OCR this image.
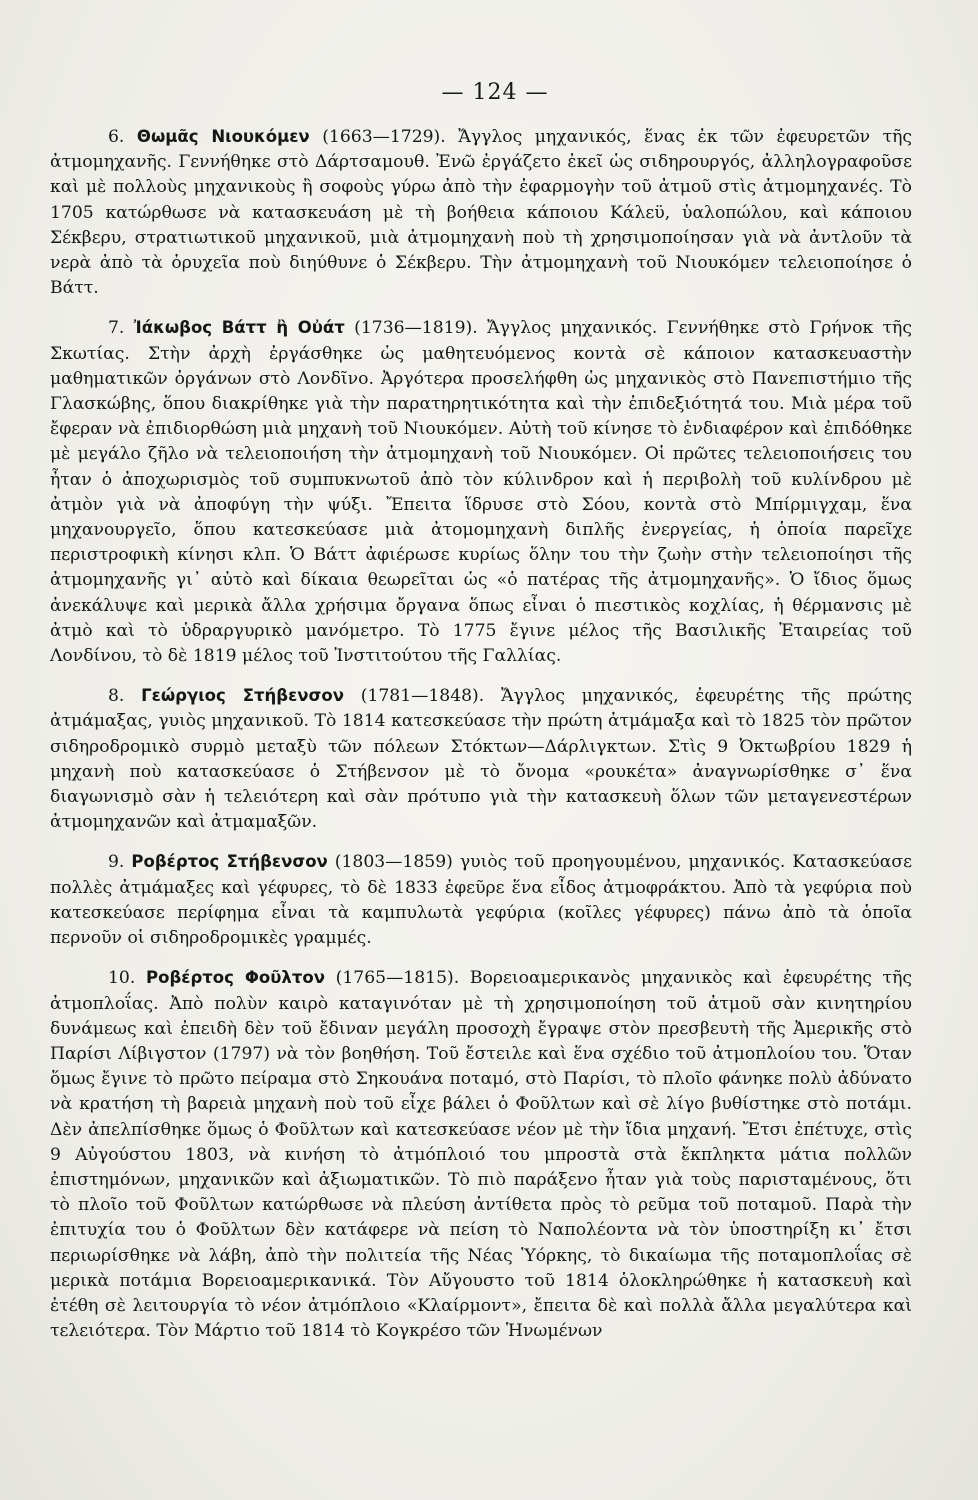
— 124 —

6. Θωμᾶς Νιουκόμεν (1663—1729). Ἄγγλος μηχανικός, ἕνας ἐκ τῶν ἐφευρετῶν τῆς ἀτμομηχανῆς. Γεννήθηκε στὸ Δάρτσαμουθ. Ἐνῶ ἐργάζετο ἐκεῖ ὡς σιδηρουργός, ἀλληλογραφοῦσε καὶ μὲ πολλοὺς μηχανικοὺς ἢ σοφοὺς γύρω ἀπὸ τὴν ἐφαρμογὴν τοῦ ἀτμοῦ στὶς ἀτμομηχανές. Τὸ 1705 κατώρθωσε νὰ κατασκευάση μὲ τὴ βοήθεια κάποιου Κάλεϋ, ὑαλοπώλου, καὶ κάποιου Σέκβερυ, στρατιωτικοῦ μηχανικοῦ, μιὰ ἀτμομηχανὴ ποὺ τὴ χρησιμοποίησαν γιὰ νὰ ἀντλοῦν τὰ νερὰ ἀπὸ τὰ ὀρυχεῖα ποὺ διηύθυνε ὁ Σέκβερυ. Τὴν ἀτμομηχανὴ τοῦ Νιουκόμεν τελειοποίησε ὁ Βάττ.

7. Ἰάκωβος Βάττ ἢ Οὐάτ (1736—1819). Ἄγγλος μηχανικός. Γεννήθηκε στὸ Γρήνοκ τῆς Σκωτίας. Στὴν ἀρχὴ ἐργάσθηκε ὡς μαθητευόμενος κοντὰ σὲ κάποιον κατασκευαστὴν μαθηματικῶν ὀργάνων στὸ Λονδῖνο. Ἀργότερα προσελήφθη ὡς μηχανικὸς στὸ Πανεπιστήμιο τῆς Γλασκώβης, ὅπου διακρίθηκε γιὰ τὴν παρατηρητικότητα καὶ τὴν ἐπιδεξιότητά του. Μιὰ μέρα τοῦ ἔφεραν νὰ ἐπιδιορθώση μιὰ μηχανὴ τοῦ Νιουκόμεν. Αὐτὴ τοῦ κίνησε τὸ ἐνδιαφέρον καὶ ἐπιδόθηκε μὲ μεγάλο ζῆλο νὰ τελειοποιήση τὴν ἀτμομηχανὴ τοῦ Νιουκόμεν. Οἱ πρῶτες τελειοποιήσεις του ἦταν ὁ ἀποχωρισμὸς τοῦ συμπυκνωτοῦ ἀπὸ τὸν κύλινδρον καὶ ἡ περιβολὴ τοῦ κυλίνδρου μὲ ἀτμὸν γιὰ νὰ ἀποφύγη τὴν ψύξι. Ἔπειτα ἵδρυσε στὸ Σόου, κοντὰ στὸ Μπίρμιγχαμ, ἕνα μηχανουργεῖο, ὅπου κατεσκεύασε μιὰ ἀτομομηχανὴ διπλῆς ἐνεργείας, ἡ ὁποία παρεῖχε περιστροφικὴ κίνησι κλπ. Ὁ Βάττ ἀφιέρωσε κυρίως ὅλην του τὴν ζωὴν στὴν τελειοποίησι τῆς ἀτμομηχανῆς γι᾽ αὐτὸ καὶ δίκαια θεωρεῖται ὡς «ὁ πατέρας τῆς ἀτμομηχανῆς». Ὁ ἴδιος ὅμως ἀνεκάλυψε καὶ μερικὰ ἄλλα χρήσιμα ὄργανα ὅπως εἶναι ὁ πιεστικὸς κοχλίας, ἡ θέρμανσις μὲ ἀτμὸ καὶ τὸ ὑδραργυρικὸ μανόμετρο. Τὸ 1775 ἔγινε μέλος τῆς Βασιλικῆς Ἑταιρείας τοῦ Λονδίνου, τὸ δὲ 1819 μέλος τοῦ Ἰνστιτούτου τῆς Γαλλίας.

8. Γεώργιος Στήβενσον (1781—1848). Ἄγγλος μηχανικός, ἐφευρέτης τῆς πρώτης ἀτμάμαξας, γυιὸς μηχανικοῦ. Τὸ 1814 κατεσκεύασε τὴν πρώτη ἀτμάμαξα καὶ τὸ 1825 τὸν πρῶτον σιδηροδρομικὸ συρμὸ μεταξὺ τῶν πόλεων Στόκτων—Δάρλιγκτων. Στὶς 9 Ὀκτωβρίου 1829 ἡ μηχανὴ ποὺ κατασκεύασε ὁ Στήβενσον μὲ τὸ ὄνομα «ρουκέτα» ἀναγνωρίσθηκε σ᾽ ἕνα διαγωνισμὸ σὰν ἡ τελειότερη καὶ σὰν πρότυπο γιὰ τὴν κατασκευὴ ὅλων τῶν μεταγενεστέρων ἀτμομηχανῶν καὶ ἀτμαμαξῶν.

9. Ροβέρτος Στήβενσον (1803—1859) γυιὸς τοῦ προηγουμένου, μηχανικός. Κατασκεύασε πολλὲς ἀτμάμαξες καὶ γέφυρες, τὸ δὲ 1833 ἐφεῦρε ἕνα εἶδος ἀτμοφράκτου. Ἀπὸ τὰ γεφύρια ποὺ κατεσκεύασε περίφημα εἶναι τὰ καμπυλωτὰ γεφύρια (κοῖλες γέφυρες) πάνω ἀπὸ τὰ ὁποῖα περνοῦν οἱ σιδηροδρομικὲς γραμμές.

10. Ροβέρτος Φοῦλτον (1765—1815). Βορειοαμερικανὸς μηχανικὸς καὶ ἐφευρέτης τῆς ἀτμοπλοΐας. Ἀπὸ πολὺν καιρὸ καταγινόταν μὲ τὴ χρησιμοποίηση τοῦ ἀτμοῦ σὰν κινητηρίου δυνάμεως καὶ ἐπειδὴ δὲν τοῦ ἔδιναν μεγάλη προσοχὴ ἔγραψε στὸν πρεσβευτὴ τῆς Ἀμερικῆς στὸ Παρίσι Λίβιγστον (1797) νὰ τὸν βοηθήση. Τοῦ ἔστειλε καὶ ἕνα σχέδιο τοῦ ἀτμοπλοίου του. Ὅταν ὅμως ἔγινε τὸ πρῶτο πείραμα στὸ Σηκουάνα ποταμό, στὸ Παρίσι, τὸ πλοῖο φάνηκε πολὺ ἀδύνατο νὰ κρατήση τὴ βαρειὰ μηχανὴ ποὺ τοῦ εἶχε βάλει ὁ Φοῦλτων καὶ σὲ λίγο βυθίστηκε στὸ ποτάμι. Δὲν ἀπελπίσθηκε ὅμως ὁ Φοῦλτων καὶ κατεσκεύασε νέον μὲ τὴν ἴδια μηχανή. Ἔτσι ἐπέτυχε, στὶς 9 Αὐγούστου 1803, νὰ κινήση τὸ ἀτμόπλοιό του μπροστὰ στὰ ἔκπληκτα μάτια πολλῶν ἐπιστημόνων, μηχανικῶν καὶ ἀξιωματικῶν. Τὸ πιὸ παράξενο ἦταν γιὰ τοὺς παρισταμένους, ὅτι τὸ πλοῖο τοῦ Φοῦλτων κατώρθωσε νὰ πλεύση ἀντίθετα πρὸς τὸ ρεῦμα τοῦ ποταμοῦ. Παρὰ τὴν ἐπιτυχία του ὁ Φοῦλτων δὲν κατάφερε νὰ πείση τὸ Ναπολέοντα νὰ τὸν ὑποστηρίξη κι᾽ ἔτσι περιωρίσθηκε νὰ λάβη, ἀπὸ τὴν πολιτεία τῆς Νέας Ὑόρκης, τὸ δικαίωμα τῆς ποταμοπλοΐας σὲ μερικὰ ποτάμια Βορειοαμερικανικά. Τὸν Αὔγουστο τοῦ 1814 ὁλοκληρώθηκε ἡ κατασκευὴ καὶ ἐτέθη σὲ λειτουργία τὸ νέον ἀτμόπλοιο «Κλαίρμοντ», ἔπειτα δὲ καὶ πολλὰ ἄλλα μεγαλύτερα καὶ τελειότερα. Τὸν Μάρτιο τοῦ 1814 τὸ Κογκρέσο τῶν Ἡνωμένων
